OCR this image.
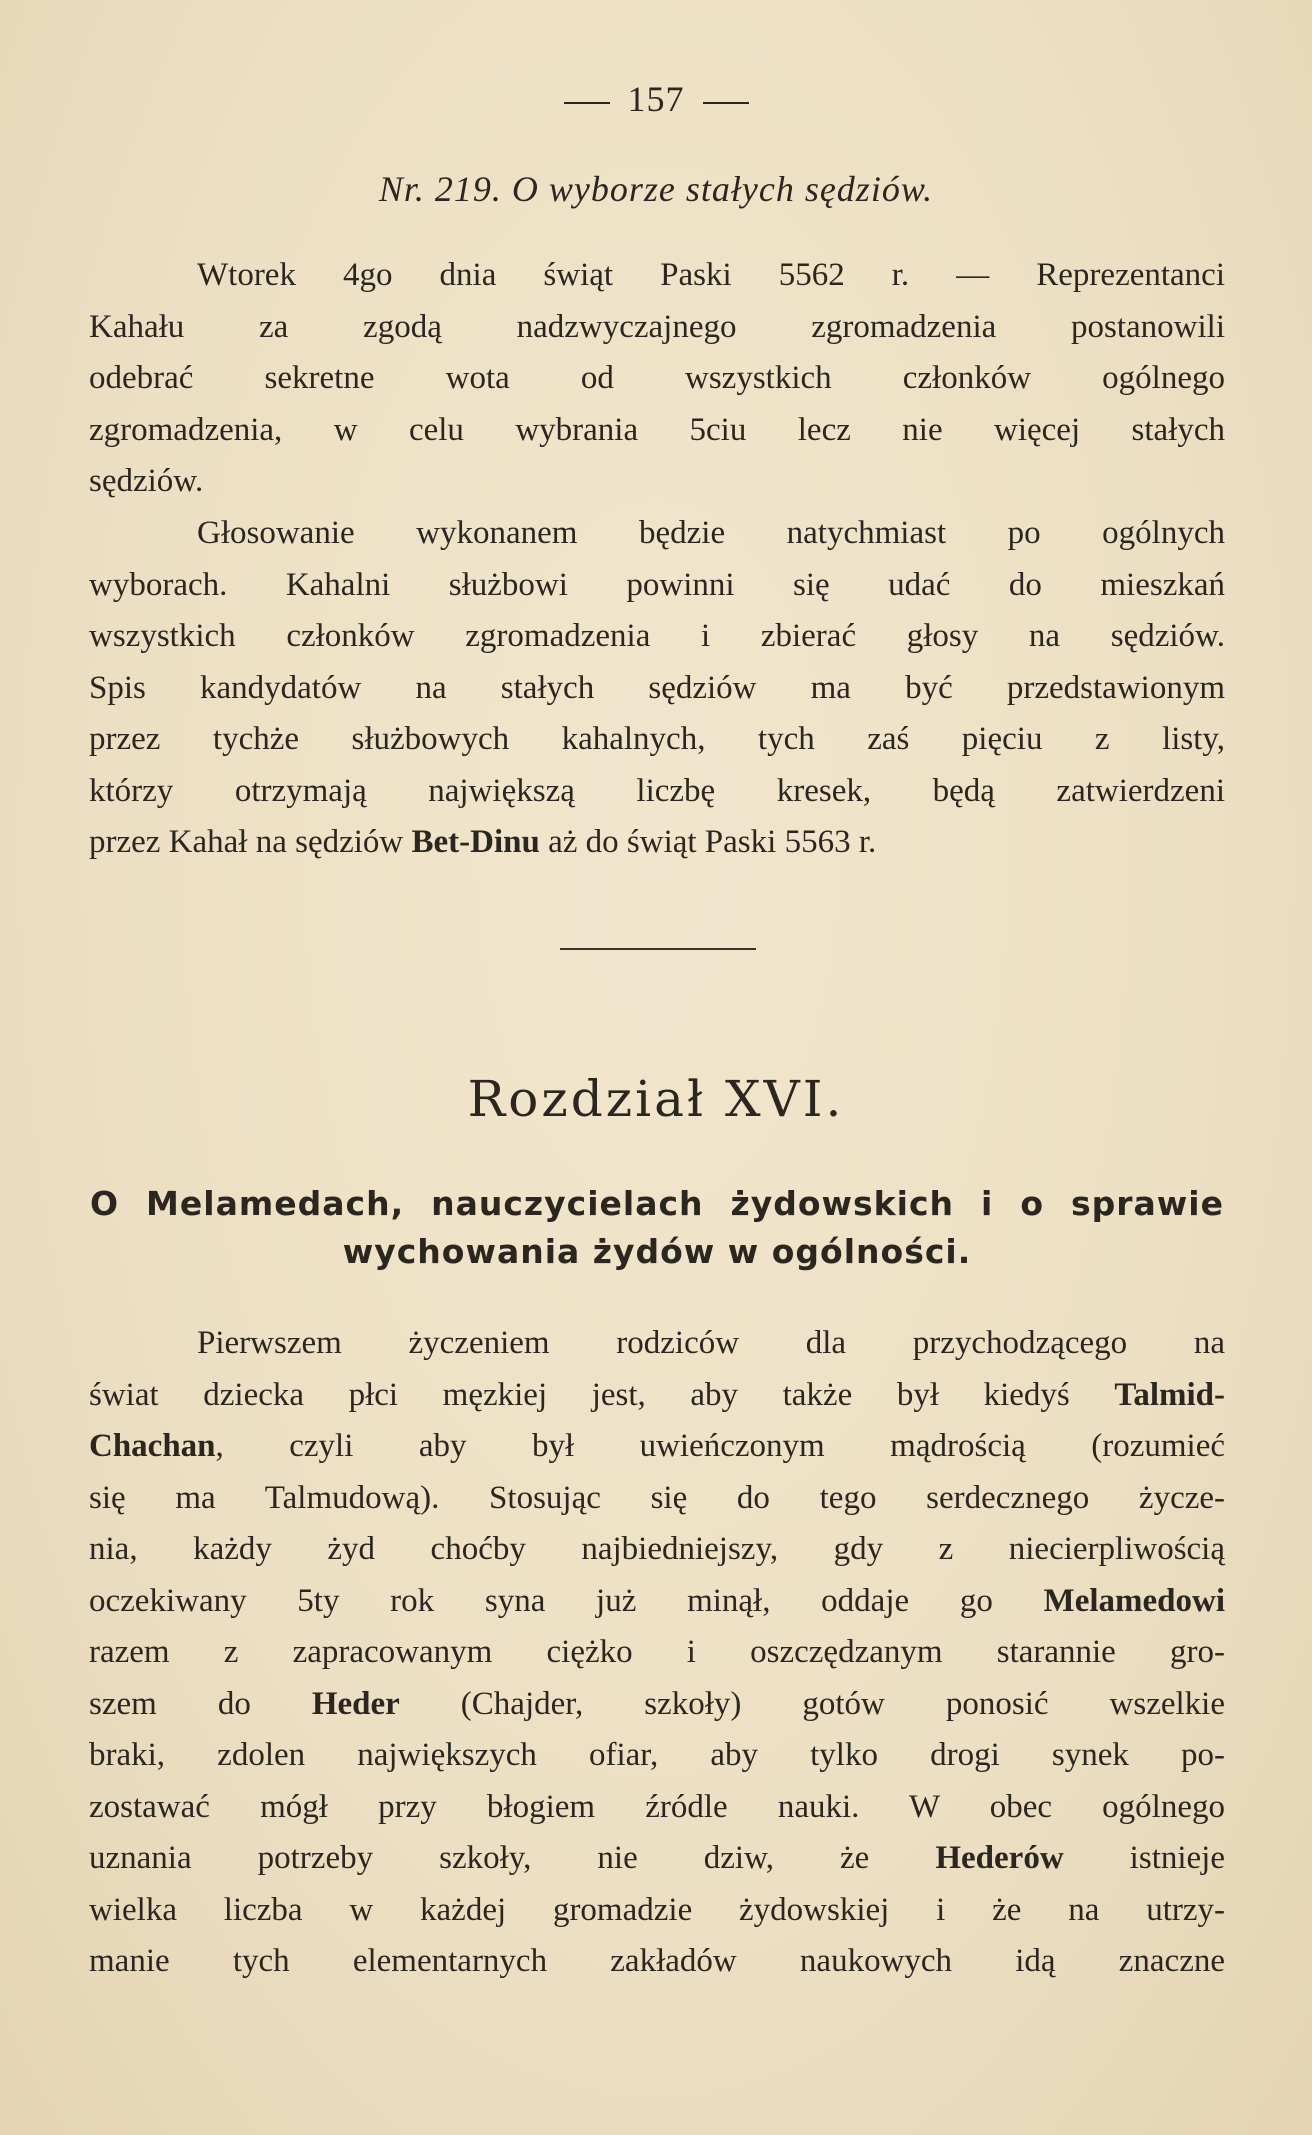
157
Nr. 219. O wyborze stałych sędziów.
Wtorek 4go dnia świąt Paski 5562 r. — Reprezentanci
Kahału za zgodą nadzwyczajnego zgromadzenia postanowili
odebrać sekretne wota od wszystkich członków ogólnego
zgromadzenia, w celu wybrania 5ciu lecz nie więcej stałych
sędziów.
Głosowanie wykonanem będzie natychmiast po ogólnych
wyborach. Kahalni służbowi powinni się udać do mieszkań
wszystkich członków zgromadzenia i zbierać głosy na sędziów.
Spis kandydatów na stałych sędziów ma być przedstawionym
przez tychże służbowych kahalnych, tych zaś pięciu z listy,
którzy otrzymają największą liczbę kresek, będą zatwierdzeni
przez Kahał na sędziów Bet-Dinu aż do świąt Paski 5563 r.
Rozdział XVI.
O Melamedach, nauczycielach żydowskich i o sprawie
wychowania żydów w ogólności.
Pierwszem życzeniem rodziców dla przychodzącego na
świat dziecka płci męzkiej jest, aby także był kiedyś Talmid-
Chachan, czyli aby był uwieńczonym mądrością (rozumieć
się ma Talmudową). Stosując się do tego serdecznego życze-
nia, każdy żyd choćby najbiedniejszy, gdy z niecierpliwością
oczekiwany 5ty rok syna już minął, oddaje go Melamedowi
razem z zapracowanym ciężko i oszczędzanym starannie gro-
szem do Heder (Chajder, szkoły) gotów ponosić wszelkie
braki, zdolen największych ofiar, aby tylko drogi synek po-
zostawać mógł przy błogiem źródle nauki. W obec ogólnego
uznania potrzeby szkoły, nie dziw, że Hederów istnieje
wielka liczba w każdej gromadzie żydowskiej i że na utrzy-
manie tych elementarnych zakładów naukowych idą znaczne
